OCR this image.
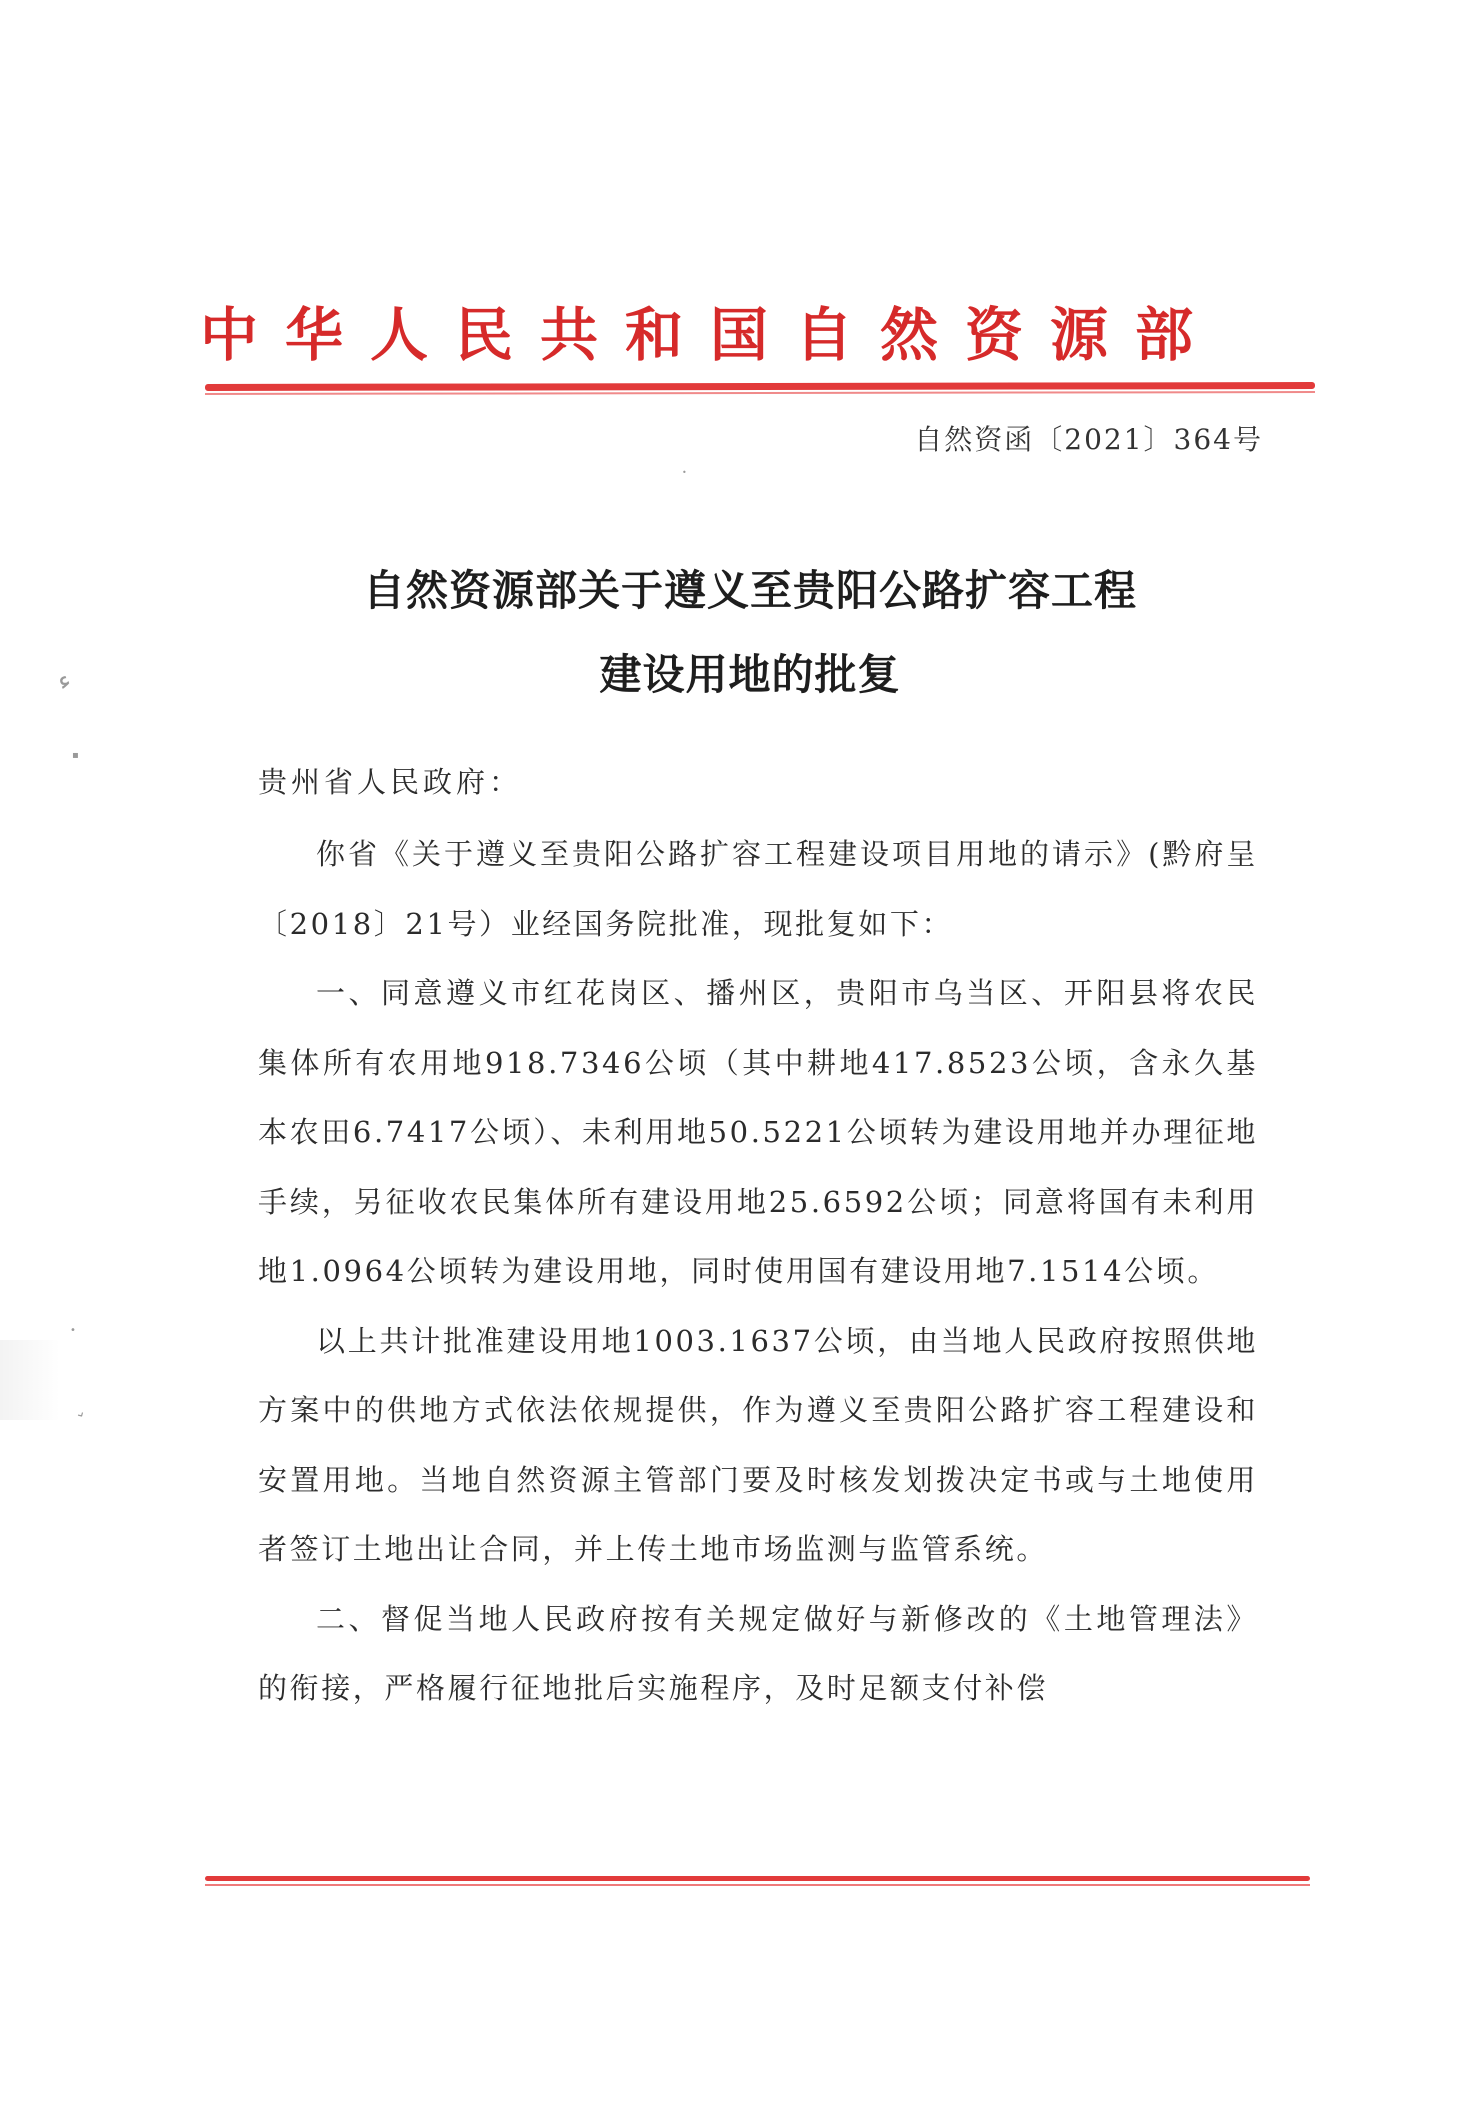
中华人民共和国自然资源部
自然资函〔2021〕364号
自然资源部关于遵义至贵阳公路扩容工程
建设用地的批复
贵州省人民政府：

你省《关于遵义至贵阳公路扩容工程建设项目用地的请示》(黔府呈〔2018〕21号）业经国务院批准，现批复如下：

一、同意遵义市红花岗区、播州区，贵阳市乌当区、开阳县将农民集体所有农用地918.7346公顷（其中耕地417.8523公顷，含永久基本农田6.7417公顷）、未利用地50.5221公顷转为建设用地并办理征地手续，另征收农民集体所有建设用地25.6592公顷；同意将国有未利用地1.0964公顷转为建设用地，同时使用国有建设用地7.1514公顷。

以上共计批准建设用地1003.1637公顷，由当地人民政府按照供地方案中的供地方式依法依规提供，作为遵义至贵阳公路扩容工程建设和安置用地。当地自然资源主管部门要及时核发划拨决定书或与土地使用者签订土地出让合同，并上传土地市场监测与监管系统。

二、督促当地人民政府按有关规定做好与新修改的《土地管理法》的衔接，严格履行征地批后实施程序，及时足额支付补偿

ء
▪
•
⌄
•
